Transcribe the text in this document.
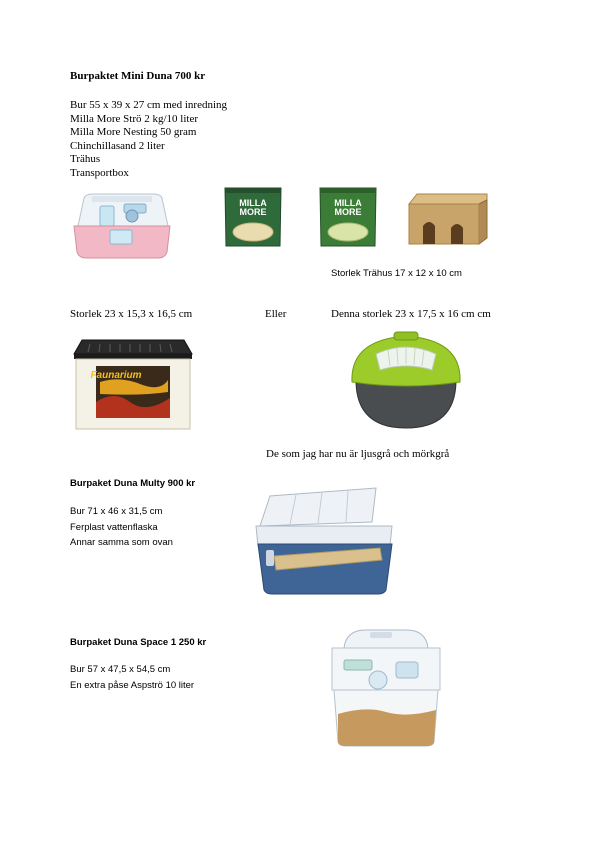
Burpaktet Mini Duna 700 kr
Bur 55 x 39 x 27 cm med inredning
Milla More Strö 2 kg/10 liter
Milla More Nesting 50 gram
Chinchillasand 2 liter
Trähus
Transportbox
MILLA
MORE
MILLA
MORE
Storlek Trähus 17 x 12 x 10 cm
Storlek 23 x 15,3 x 16,5 cm	Eller	Denna storlek 23 x 17,5 x 16 cm cm
Faunarium
De som jag har nu är ljusgrå och mörkgrå
Burpaket Duna Multy 900 kr
Bur 71 x 46 x 31,5 cm
Ferplast vattenflaska
Annar samma som ovan
Burpaket Duna Space 1 250 kr
Bur 57 x 47,5 x 54,5 cm
En extra påse Aspströ 10 liter
